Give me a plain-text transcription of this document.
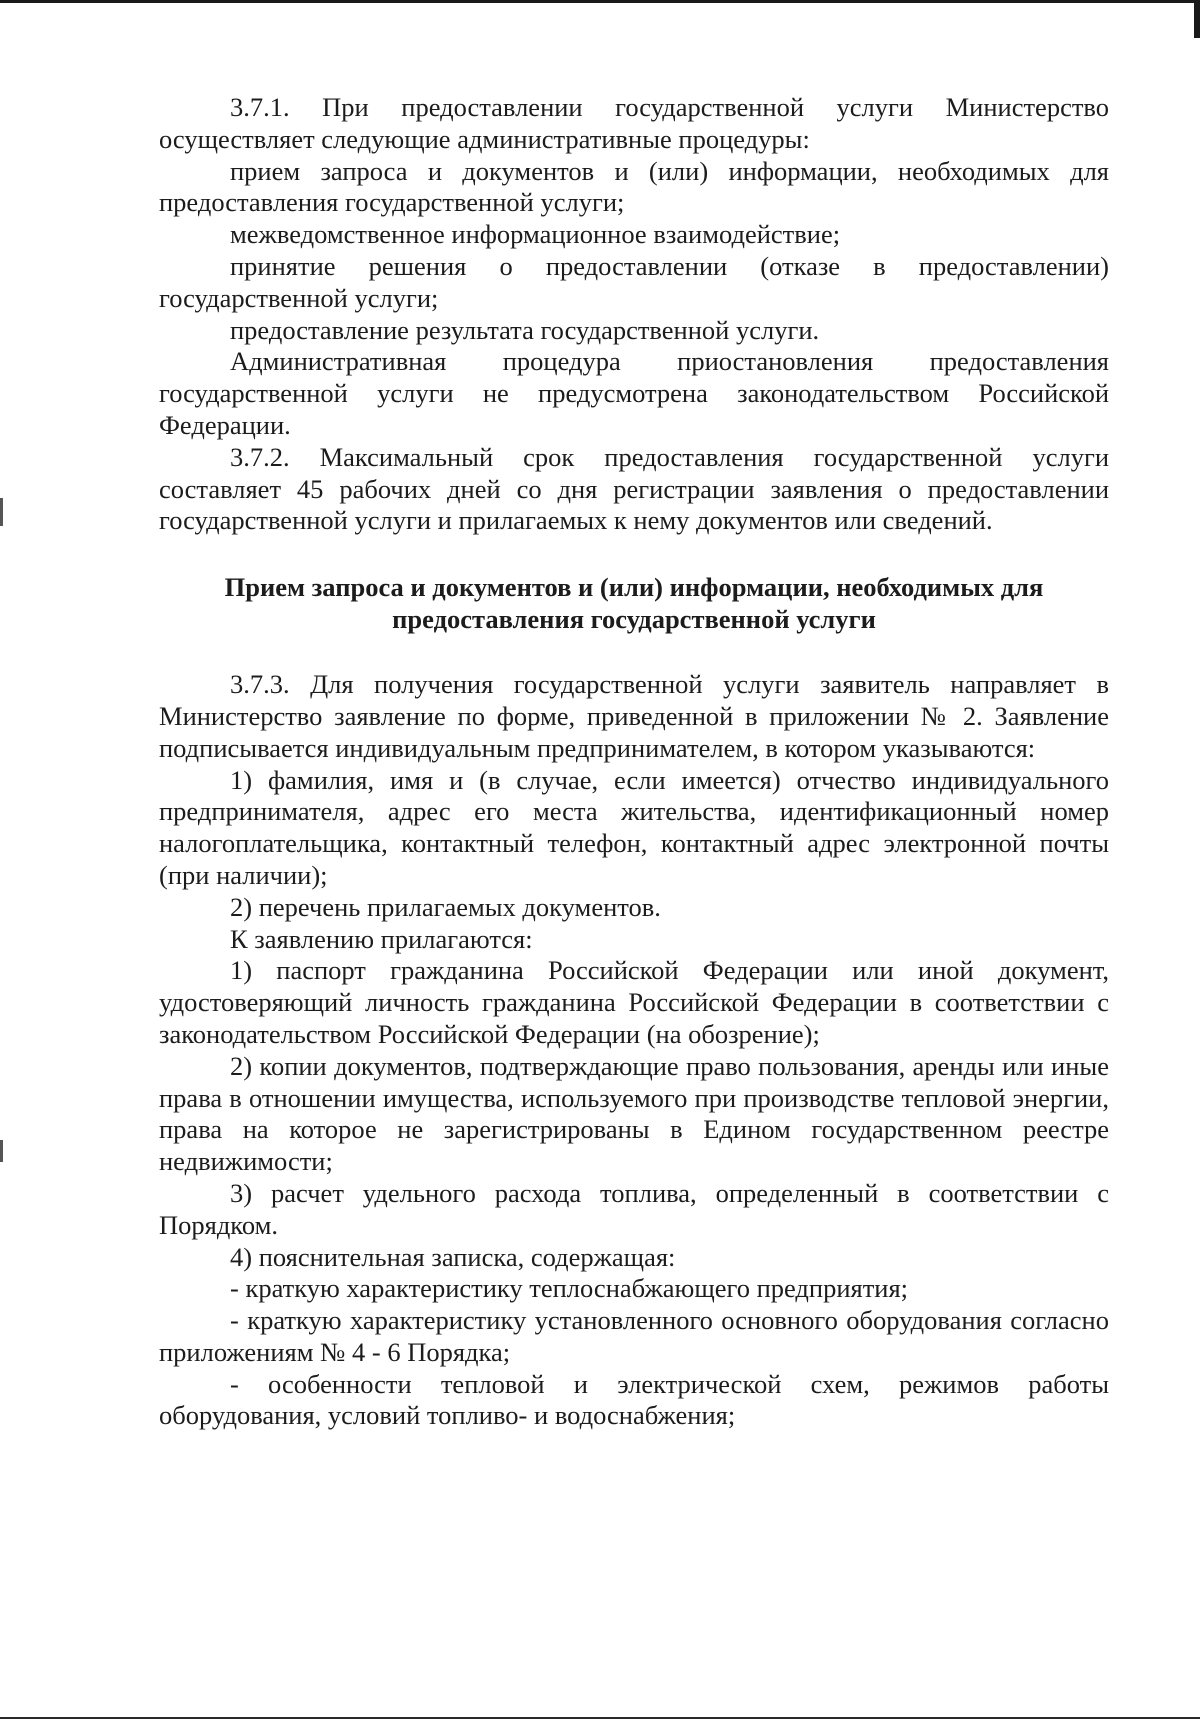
3.7.1. При предоставлении государственной услуги Министерство осуществляет следующие административные процедуры:

прием запроса и документов и (или) информации, необходимых для предоставления государственной услуги;

межведомственное информационное взаимодействие;

принятие решения о предоставлении (отказе в предоставлении) государственной услуги;

предоставление результата государственной услуги.

Административная процедура приостановления предоставления государственной услуги не предусмотрена законодательством Российской Федерации.

3.7.2. Максимальный срок предоставления государственной услуги составляет 45 рабочих дней со дня регистрации заявления о предоставлении государственной услуги и прилагаемых к нему документов или сведений.

Прием запроса и документов и (или) информации, необходимых для предоставления государственной услуги

3.7.3. Для получения государственной услуги заявитель направляет в Министерство заявление по форме, приведенной в приложении № 2. Заявление подписывается индивидуальным предпринимателем, в котором указываются:

1) фамилия, имя и (в случае, если имеется) отчество индивидуального предпринимателя, адрес его места жительства, идентификационный номер налогоплательщика, контактный телефон, контактный адрес электронной почты (при наличии);

2) перечень прилагаемых документов.

К заявлению прилагаются:

1) паспорт гражданина Российской Федерации или иной документ, удостоверяющий личность гражданина Российской Федерации в соответствии с законодательством Российской Федерации (на обозрение);

2) копии документов, подтверждающие право пользования, аренды или иные права в отношении имущества, используемого при производстве тепловой энергии, права на которое не зарегистрированы в Едином государственном реестре недвижимости;

3) расчет удельного расхода топлива, определенный в соответствии с Порядком.

4) пояснительная записка, содержащая:

- краткую характеристику теплоснабжающего предприятия;

- краткую характеристику установленного основного оборудования согласно приложениям № 4 - 6 Порядка;

- особенности тепловой и электрической схем, режимов работы оборудования, условий топливо- и водоснабжения;
